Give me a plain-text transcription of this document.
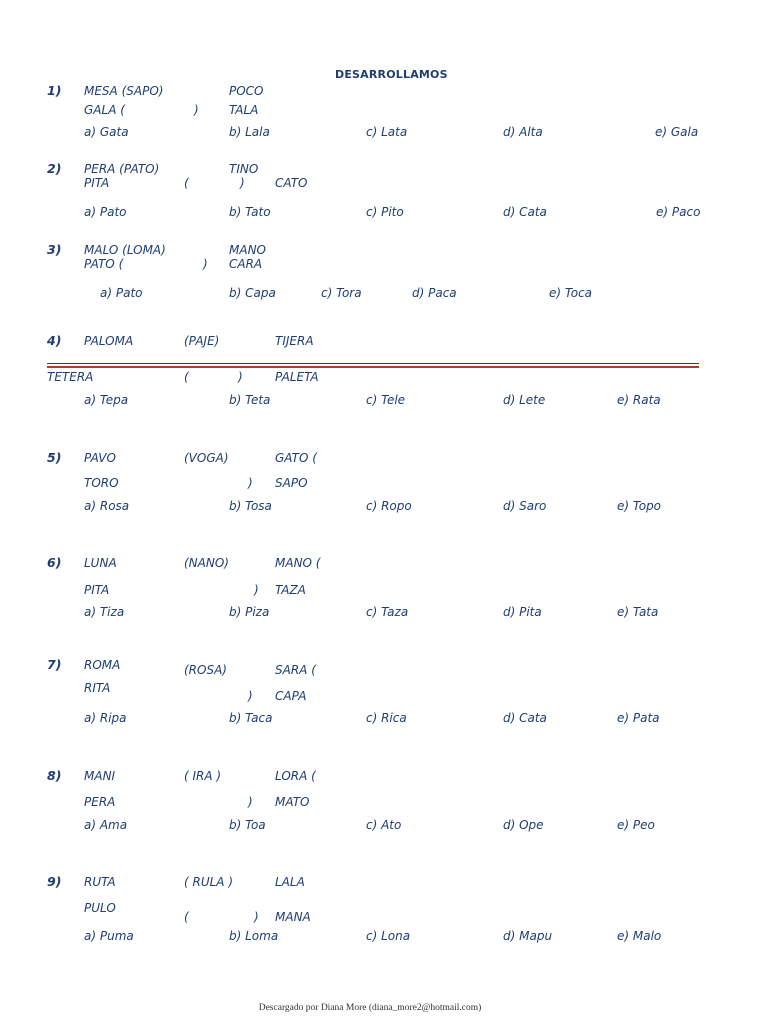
DESARROLLAMOS
1) MESA (SAPO)	POCO
GALA (	)	TALA
a) Gata	b) Lala	c) Lata	d) Alta	e) Gala
2) PERA (PATO)	TINO
PITA	(	)	CATO
a) Pato	b) Tato	c) Pito	d) Cata	e) Paco
3) MALO (LOMA)	MANO
PATO (	) CARA
a) Pato	b) Capa	c) Tora	d) Paca	e) Toca
4) PALOMA	(PAJE)	TIJERA
TETERA	(	)	PALETA
a) Tepa	b) Teta	c) Tele	d) Lete	e) Rata
5) PAVO	(VOGA)	GATO (
TORO	) SAPO
a) Rosa	b) Tosa	c) Ropo	d) Saro	e) Topo
6) LUNA	(NANO)	MANO (
PITA	) TAZA
a) Tiza	b) Piza	c) Taza	d) Pita	e) Tata
7) ROMA	(ROSA)	SARA (
RITA
) CAPA
a) Ripa	b) Taca	c) Rica	d) Cata	e) Pata
8) MANI	( IRA )	LORA (
PERA	) MATO
a) Ama	b) Toa	c) Ato	d) Ope	e) Peo
9) RUTA	( RULA )	LALA
PULO
(	) MANA
a) Puma	b) Loma	c) Lona	d) Mapu	e) Malo
Descargado por Diana More (diana_more2@hotmail.com)
